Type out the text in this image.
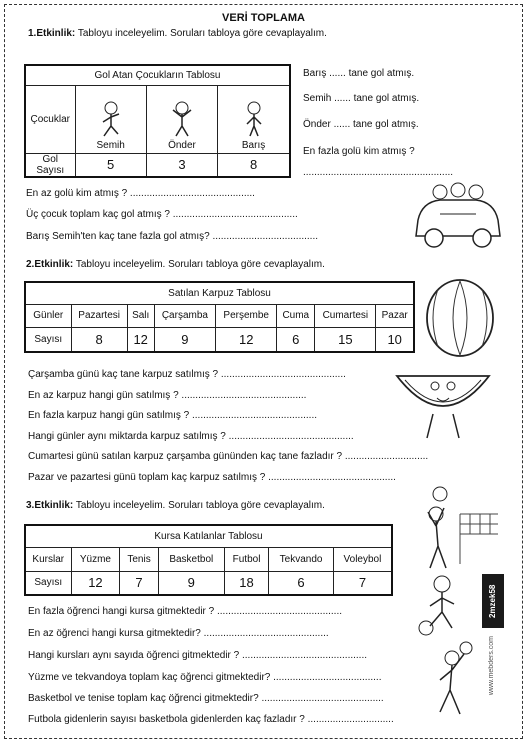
VERİ TOPLAMA
1.Etkinlik: Tabloyu inceleyelim. Soruları tabloya göre cevaplayalım.
Gol Atan Çocukların Tablosu			
Çocuklar	Semih	Önder	Barış
Gol Sayısı	5	3	8
Barış ...... tane gol atmış.
Semih ...... tane gol atmış.
Önder ...... tane gol atmış.
En fazla golü kim atmış ?
......................................................
En az golü kim atmış ? .............................................
Üç çocuk toplam kaç gol atmış ? .............................................
Barış Semih'ten kaç tane fazla gol atmış? ......................................
2.Etkinlik: Tabloyu inceleyelim. Soruları tabloya göre cevaplayalım.
Satılan Karpuz Tablosu							
Günler	Pazartesi	Salı	Çarşamba	Perşembe	Cuma	Cumartesi	Pazar
Sayısı	8	12	9	12	6	15	10
Çarşamba günü kaç tane karpuz satılmış ? .............................................
En az karpuz hangi gün satılmış ? .............................................
En fazla karpuz hangi gün satılmış ? .............................................
Hangi günler aynı miktarda karpuz satılmış ? .............................................
Cumartesi günü satılan karpuz çarşamba gününden kaç tane fazladır ? ..............................
Pazar ve pazartesi günü toplam kaç karpuz satılmış ? ..............................................
3.Etkinlik: Tabloyu inceleyelim. Soruları tabloya göre cevaplayalım.
Kursa Katılanlar Tablosu						
Kurslar	Yüzme	Tenis	Basketbol	Futbol	Tekvando	Voleybol
Sayısı	12	7	9	18	6	7
En fazla öğrenci hangi kursa gitmektedir ? .............................................
En az öğrenci hangi kursa gitmektedir? .............................................
Hangi kursları aynı sayıda öğrenci gitmektedir ? .............................................
Yüzme ve tekvandoya toplam kaç öğrenci gitmektedir? .......................................
Basketbol ve tenise toplam kaç öğrenci gitmektedir? ............................................
Futbola gidenlerin sayısı basketbola gidenlerden kaç fazladır ? ...............................
2mzek58
www.mebders.com
